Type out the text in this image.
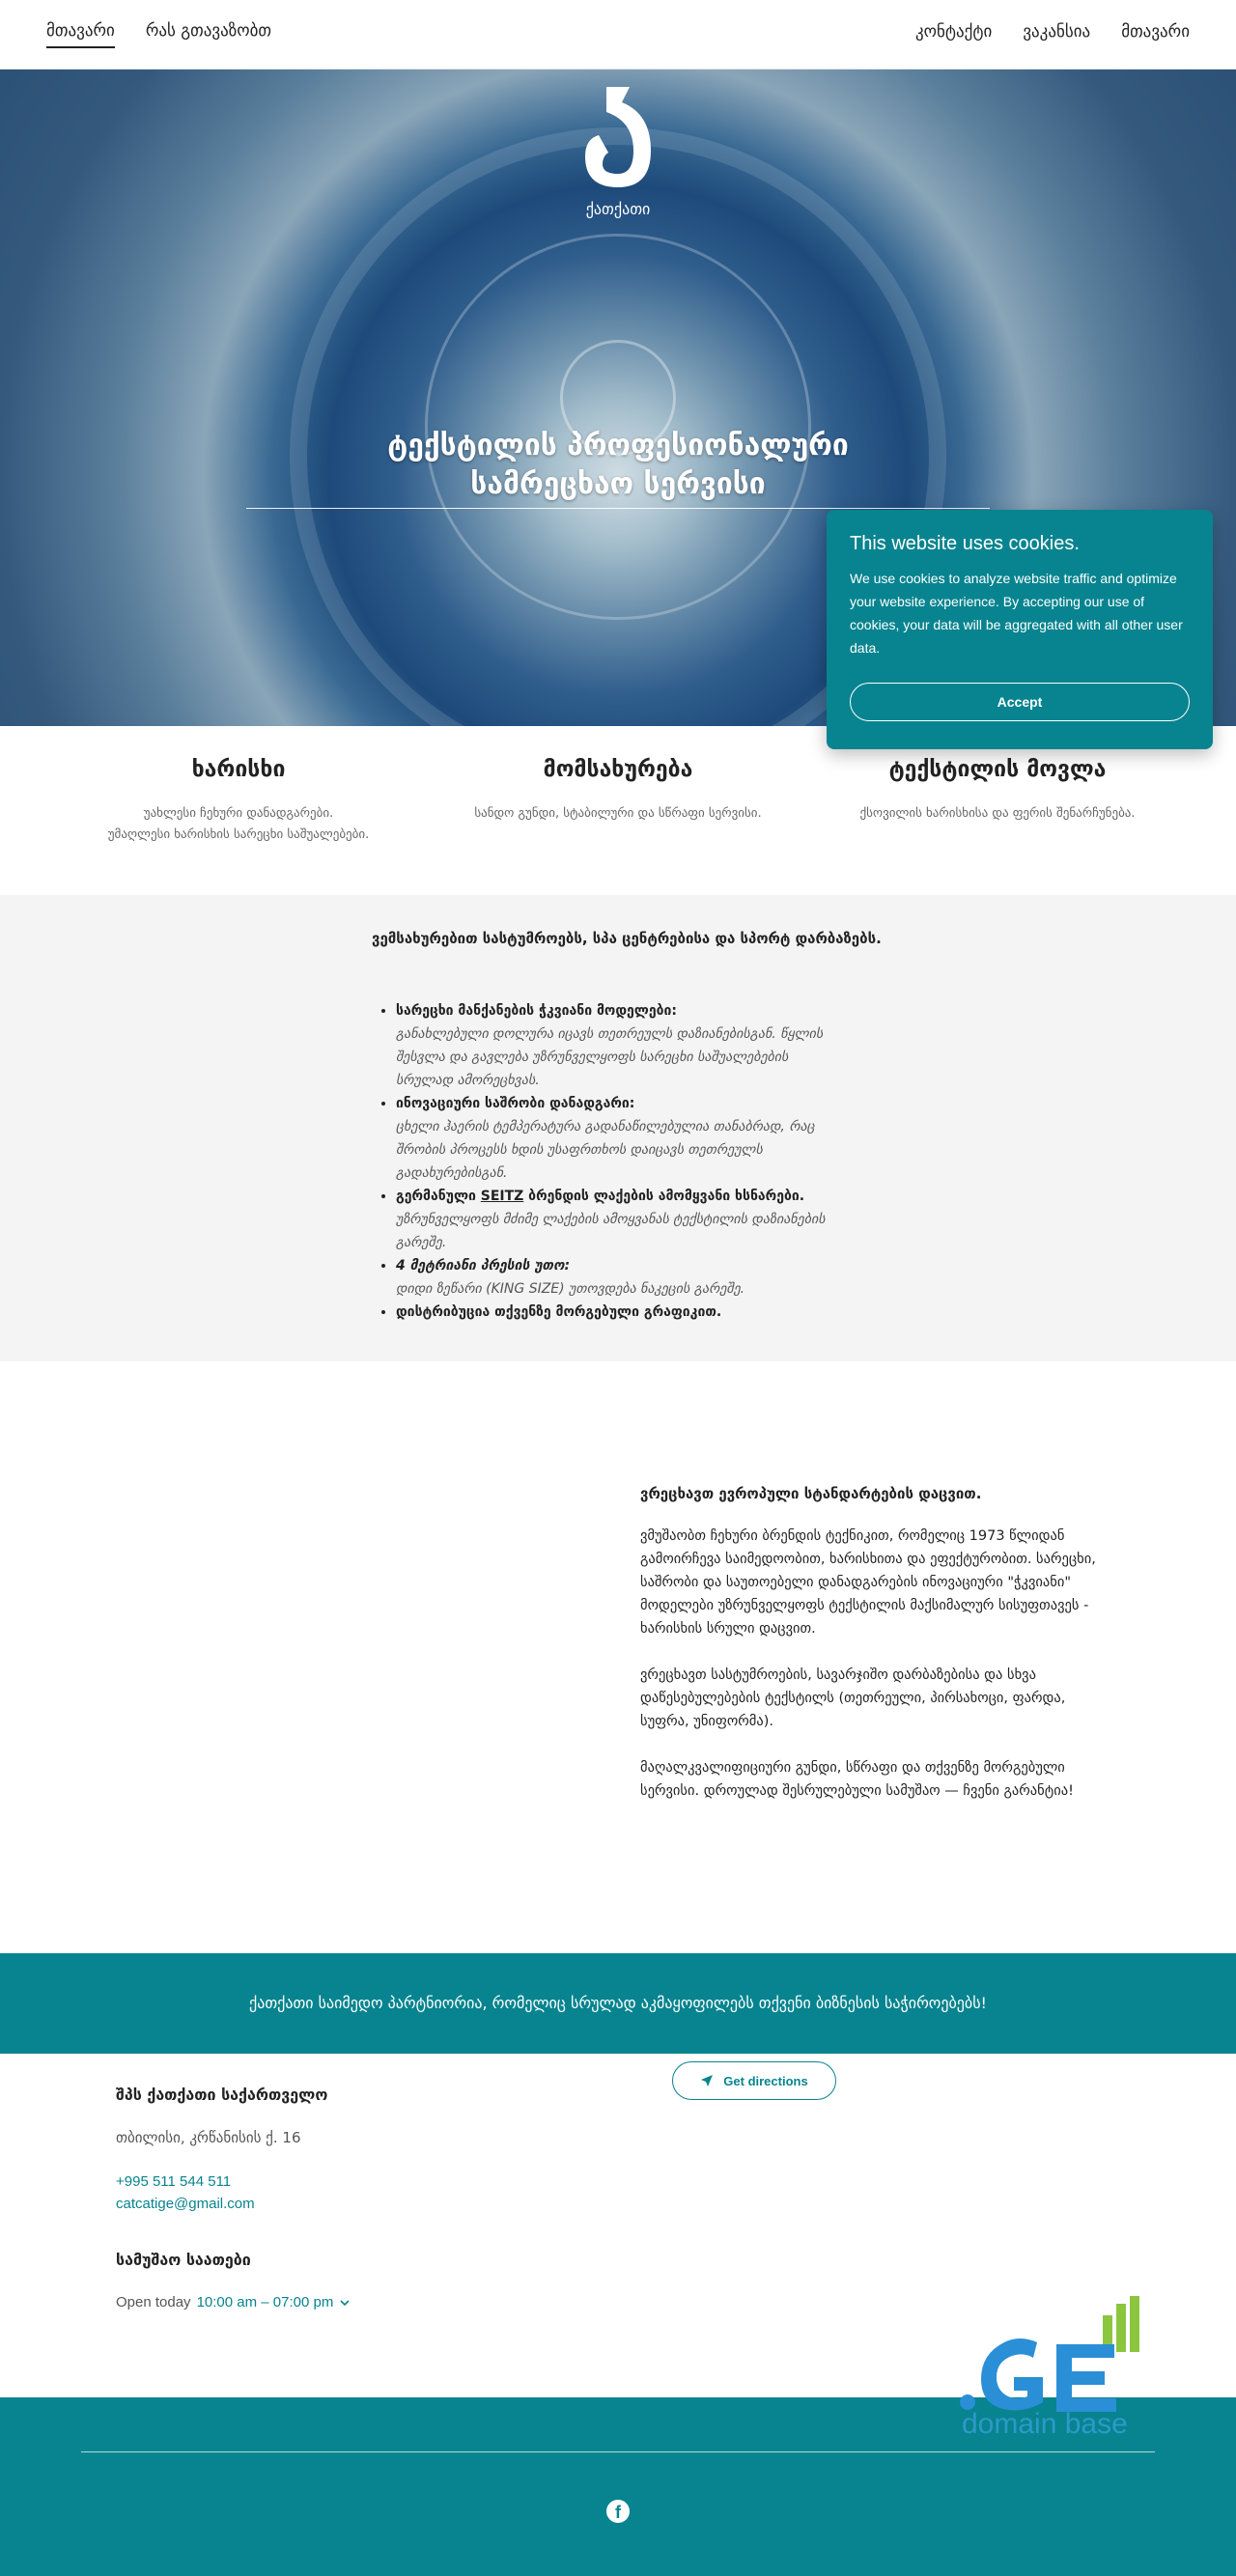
მთავარი რას გთავაზობთ	კონტაქტი ვაკანსია მთავარი
ქათქათი
ტექსტილის პროფესიონალური
სამრეცხაო სერვისი
ხარისხი

უახლესი ჩეხური დანადგარები.
უმაღლესი ხარისხის სარეცხი საშუალებები.

მომსახურება

სანდო გუნდი, სტაბილური და სწრაფი სერვისი.

ტექსტილის მოვლა

ქსოვილის ხარისხისა და ფერის შენარჩუნება.

ვემსახურებით სასტუმროებს, სპა ცენტრებისა და სპორტ დარბაზებს.
• სარეცხი მანქანების ჭკვიანი მოდელები:
განახლებული დოლურა იცავს თეთრეულს დაზიანებისგან. წყლის შესვლა და გავლება უზრუნველყოფს სარეცხი საშუალებების სრულად ამორეცხვას.
• ინოვაციური საშრობი დანადგარი:
ცხელი ჰაერის ტემპერატურა გადანაწილებულია თანაბრად, რაც შრობის პროცესს ხდის უსაფრთხოს დაიცავს თეთრეულს გადახურებისგან.
• გერმანული SEITZ ბრენდის ლაქების ამომყვანი ხსნარები.
უზრუნველყოფს მძიმე ლაქების ამოყვანას ტექსტილის დაზიანების გარეშე.
• 4 მეტრიანი პრესის უთო:
დიდი ზეწარი (KING SIZE) უთოვდება ნაკეცის გარეშე.
• დისტრიბუცია თქვენზე მორგებული გრაფიკით.
ვრეცხავთ ევროპული სტანდარტების დაცვით.

ვმუშაობთ ჩეხური ბრენდის ტექნიკით, რომელიც 1973 წლიდან გამოირჩევა საიმედოობით, ხარისხითა და ეფექტურობით. სარეცხი, საშრობი და საუთოებელი დანადგარების ინოვაციური "ჭკვიანი" მოდელები უზრუნველყოფს ტექსტილის მაქსიმალურ სისუფთავეს - ხარისხის სრული დაცვით.

ვრეცხავთ სასტუმროების, სავარჯიშო დარბაზებისა და სხვა დაწესებულებების ტექსტილს (თეთრეული, პირსახოცი, ფარდა, სუფრა, უნიფორმა).

მაღალკვალიფიციური გუნდი, სწრაფი და თქვენზე მორგებული სერვისი. დროულად შესრულებული სამუშაო — ჩვენი გარანტია!

ქათქათი საიმედო პარტნიორია, რომელიც სრულად აკმაყოფილებს თქვენი ბიზნესის საჭიროებებს!
Get directions
შპს ქათქათი საქართველო
თბილისი, კრწანისის ქ. 16
+995 511 544 511
catcatige@gmail.com
სამუშაო საათები
Open today 10:00 am – 07:00 pm
domain base
f
This website uses cookies.

We use cookies to analyze website traffic and optimize your website experience. By accepting our use of cookies, your data will be aggregated with all other user data.

Accept
